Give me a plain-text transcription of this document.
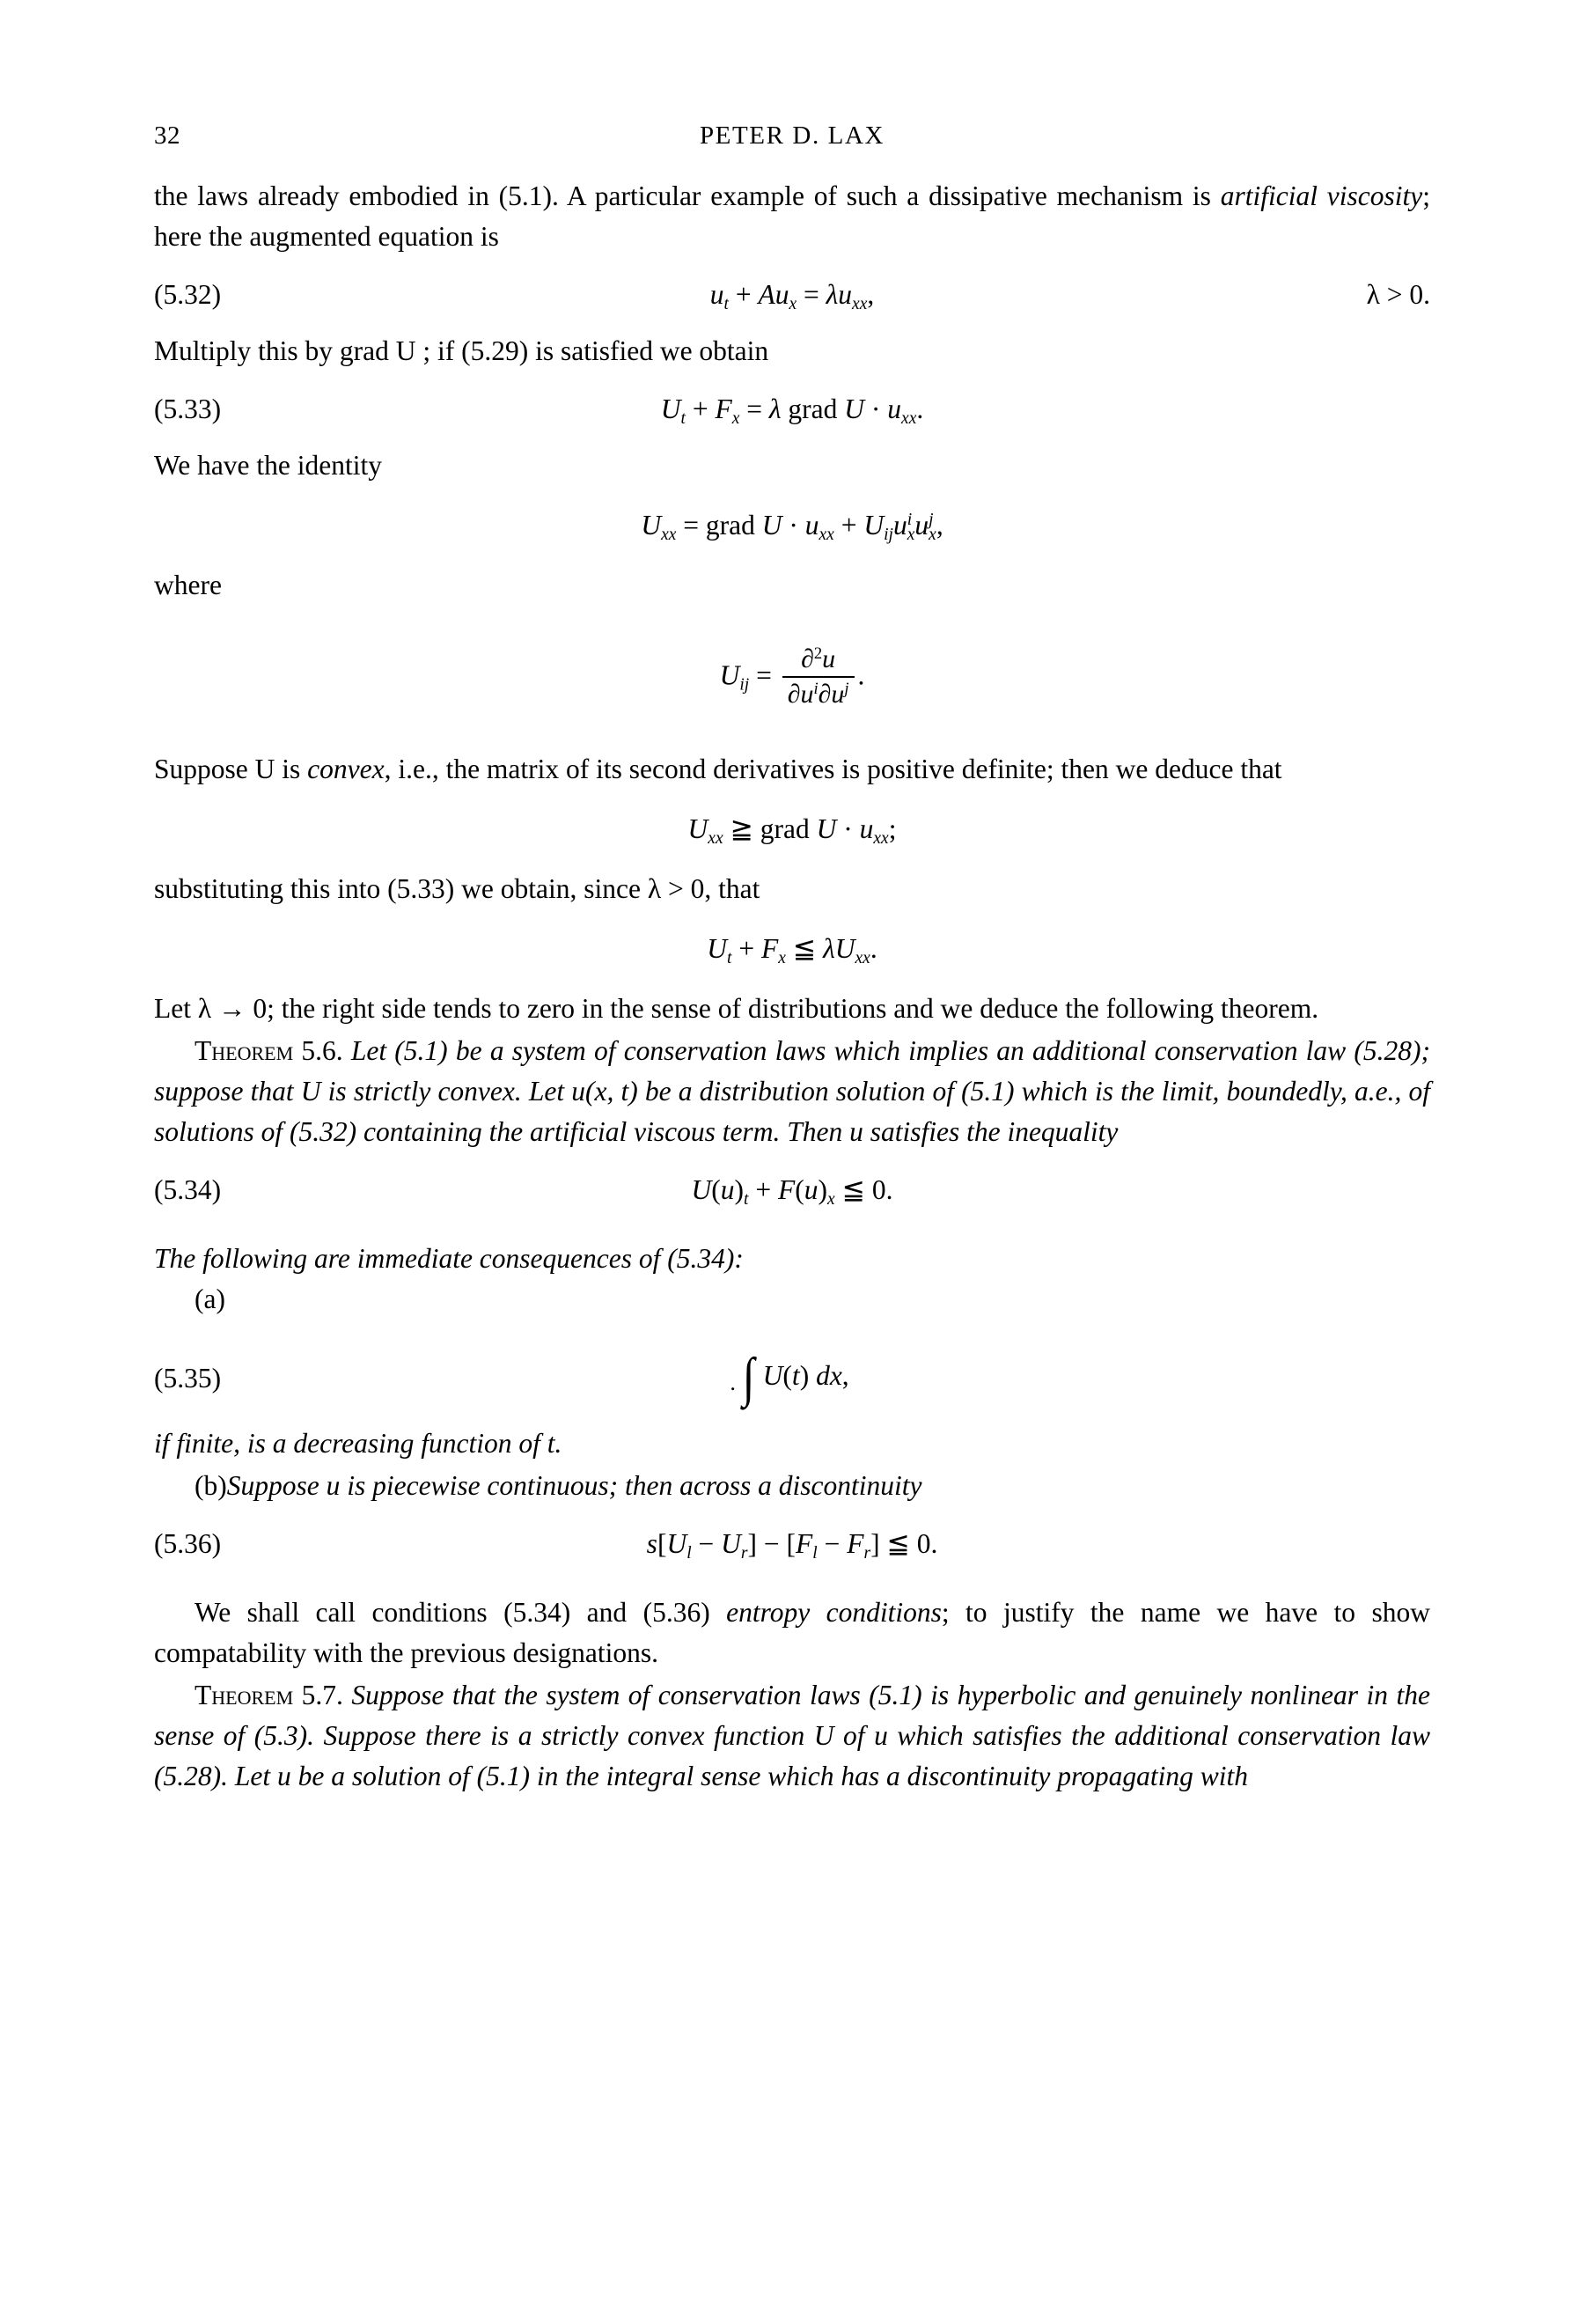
32	PETER D. LAX

the laws already embodied in (5.1). A particular example of such a dissipative mechanism is artificial viscosity; here the augmented equation is

(5.32)	$u_t + Au_x = \lambda u_{xx}$,	λ > 0.

Multiply this by grad U ; if (5.29) is satisfied we obtain

(5.33)	$U_t + F_x = \lambda$ grad $U \cdot u_{xx}$.

We have the identity

$U_{xx}$ = grad $U \cdot u_{xx} + U_{ij}u$ i
x u j
x ,

where

$U_{ij} = \frac{\partial^2u}{\partial u^i\partial u^j}$ .

Suppose U is convex, i.e., the matrix of its second derivatives is positive definite; then we deduce that

$U_{xx}$ ≧ grad $U \cdot u_{xx}$;

substituting this into (5.33) we obtain, since λ > 0, that

$U_t + F_x$ ≦ $\lambda U_{xx}$.

Let λ → 0; the right side tends to zero in the sense of distributions and we deduce the following theorem.

Theorem 5.6. Let (5.1) be a system of conservation laws which implies an additional conservation law (5.28); suppose that U is strictly convex. Let u(x, t) be a distribution solution of (5.1) which is the limit, boundedly, a.e., of solutions of (5.32) containing the artificial viscous term. Then u satisfies the inequality

(5.34)	$U(u)_t + F(u)_x$ ≦ 0.

The following are immediate consequences of (5.34):

(a)

(5.35)	. ∫ U(t) dx,

if finite, is a decreasing function of t.

(b)Suppose u is piecewise continuous; then across a discontinuity

(5.36)	$s[U_l - U_r] - [F_l - F_r]$ ≦ 0.

We shall call conditions (5.34) and (5.36) entropy conditions; to justify the name we have to show compatability with the previous designations.

Theorem 5.7. Suppose that the system of conservation laws (5.1) is hyperbolic and genuinely nonlinear in the sense of (5.3). Suppose there is a strictly convex function U of u which satisfies the additional conservation law (5.28). Let u be a solution of (5.1) in the integral sense which has a discontinuity propagating with
